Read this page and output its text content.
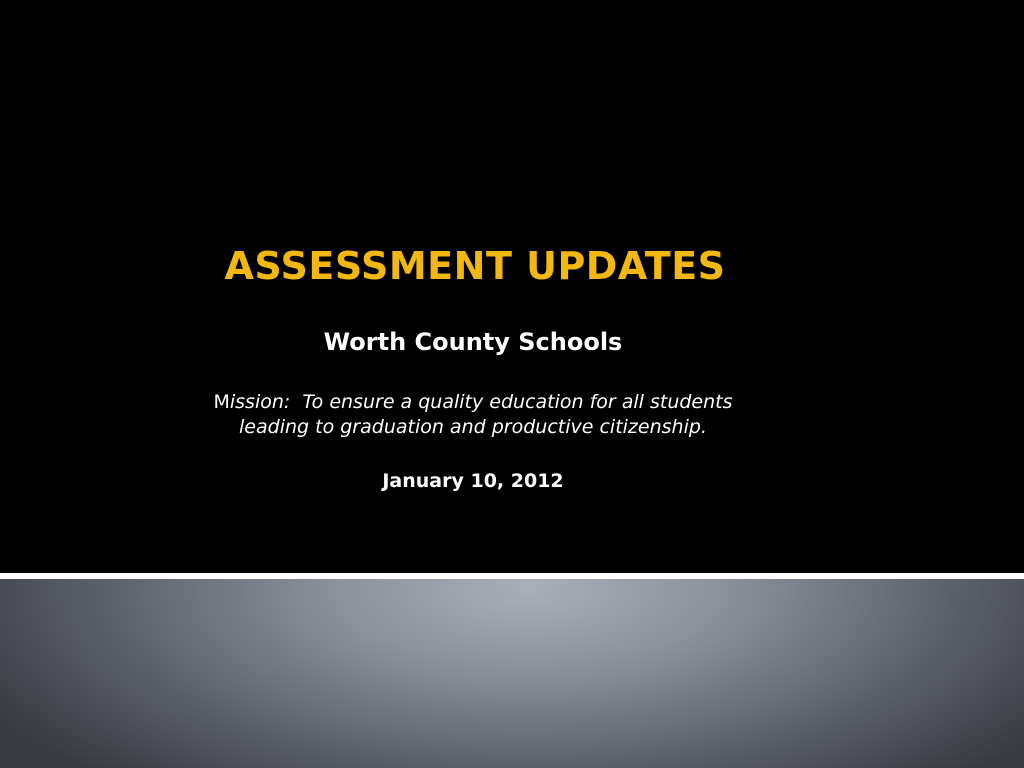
ASSESSMENT UPDATES

Worth County Schools

Mission: To ensure a quality education for all students leading to graduation and productive citizenship.

January 10, 2012
